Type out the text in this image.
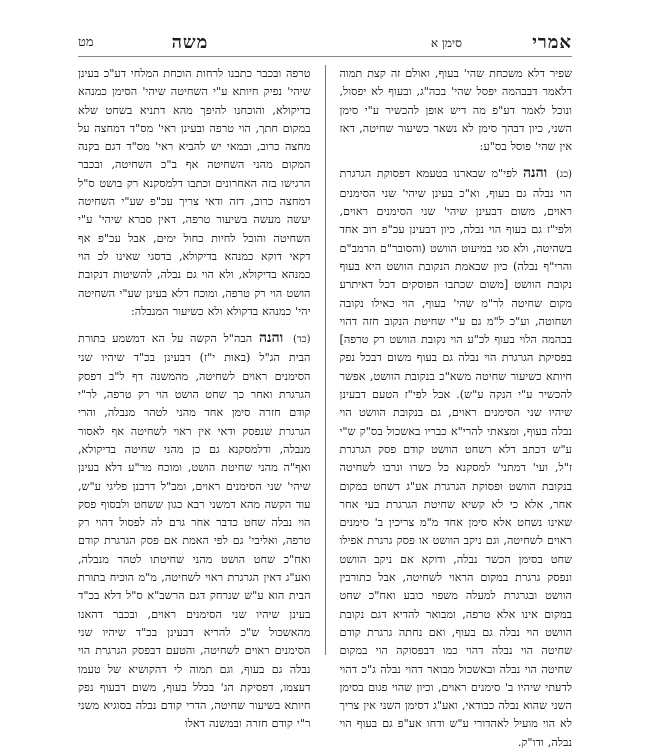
אמרי
סימן א
משה
מט

שפיר דלא משכחת שהי' בעוף, ואולם זה קצת תמוה דלאמר דבבהמה יפסל שהי' בכה"ג, ובעוף לא יפסול, ונוכל לאמר דע"פ מה דיש אופן להכשיר ע"י סימן השני, כיון דבהך סימן לא נשאר כשיעור שחיטה, דאז אין שהי' פוסל בס"ע:

(כג) והנה לפי"מ שבארנו בטעמא דפסוקת הגרגרת הוי נבלה גם בעוף, וא"כ בעינן שיהי' שני הסימנים ראוים, משום דבעינן שיהי' שני הסימנים ראוים, ולפי"ז גם בעוף הוי נבלה, כיון דבעינן עכ"פ רוב אחד בשהיטה, ולא סגי במיעוט הוושט (והסובר"ם הרמב"ם והרי"ף נבלה) כיון שבאמת הנקובת הוושט היא בעוף נקובת הוושט [משום שכתבו הפוסקים דכל דאיתרע מקום שחיטה לר"מ שהי' בעוף, הוי כאילו נקובה ושחוטה, וע"כ ל"מ גם ע"י שחיטת הנקוב חזה דהוי בבהמה הלוי בעוף לכ"ע הוי נקובת הוושט רק טרפה] בפסיקת הגרגרת הוי נבלה גם בעוף משום דבכל נפק חיותא כשיעור שחיטה משא"כ בנקובת הוושט, אפשר להכשיר ע"י הנקה ע"ש). אבל לפי"ז הטעם דבעינן שיהיו שני הסימנים ראוים, גם בנקובת הוושט הוי נבלה בעוף, ומצאתי להרי"א כבריו באשכול בס"ק ש"י ע"ש דכתב דלא רשחט הוושט קודם פסק הגרגרת ז"ל, ועי' דמתני' למסקנא כל כשרו ונרבו לשחיטה בנקובת הוושט ופסוקת הגרגרת אע"ג דשחט במקום אחר, אלא כי לא קשיא שחיטת הגרגרת בעי אחר שאינו נשחט אלא סימן אחד מ"מ צריכין ב' סימנים ראוים לשחיטה, וגם ניקב הוושט או פסק גרגרת אפילו שחט בסימן הכשר נבלה, ודוקא אם ניקב הוושט ונפסק גרגרת במקום הראוי לשחיטה, אבל כתורבין הוושט ובגרגרת למעלה משפוי כובע ואח"כ שחט במקום אינו אלא טרפה, ומבואר להדיא דגם נקובת הוושט הוי נבלה גם בעוף, ואם נחתה גרגרת קודם שחיטה הוי נבלה דהוי כמו דבפסוקה הוי במקום שחיטה הוי נבלה ובאשכול מבואר דהוי נבלה ג"כ דהוי לדעתי שיהיו ב' סימנים ראוים, וכיון שהוי פגום בסימן השני שהוא נבלה כבודאי, ואע"ג דסימן השני אין צריך לא הוי מועיל לאהדורי ע"ש ודחו אע"פ גם בעוף הוי נבלה, ודו"ק.

טרפה ובכבר כתבנו לרחות הוכחת המלחי דע"כ בעינן שיהי' נפיק חיותא ע"י השחיטה שיהי' הסימן כמנהא בדיקולא, והוכחנו להיפך מהא דתניא בשחט שלא במקום חתך, הוי טרפה ובעינן ראי' מס"ד דמחצה על מחצה כרוב, ובמאי יש להביא ראי' מס"ד דגם בקנה המקום מהני השחיטה אף ב"כ השחיטה, ובכבר הרגישו בזה האחרונים וכתבו דלמסקנא רק בושט ס"ל דמחצה כרוב, דזה ודאי צריך עכ"פ שע"י השחיטה יעשה מעשה בשיעור טרפה, דאין סברא שיהי' ע"י השחיטה והוכל לחיות כחול ימים, אבל עכ"פ אף דקאי דוקא כמנהא בדיקולא, בדסגי שאינו לכ הוי כמנהא בדיקולא, ולא הוי גם נבלה, להשיטות דנקובת הושט הוי רק טרפה, ומוכח דלא בעינן שע"י השחיטה יהי' כמנהא בדקולא ולא כשיעור המנבלה:

(כד) והנה הבה"ל הקשה על הא דמשמע בתורת הבית הג"ל (באות י"ז) דבעינן בכ"ד שיהיו שני הסימנים ראוים לשחיטה, מהמשנה דף ל"ב דפסק הגרגרת ואחר כך שחט הושט הוי רק טרפה, לר"י קודם חזרה סימן אחד מהני לטהר מנבלה, והרי הגרגרת שנפסק ודאי אין ראוי לשחיטה אף לאסור מנבלה, ודלמסקנא גם כן מהני שחיטה בדיקולא, ואף"ה מהני שחיטת הושט, ומוכח מר"ע דלא בעינן שיהי' שני הסימנים ראוים, ומב"ל דרבנן פליגי ע"ש, עוד הקשה מהא דמשני רבא כגון ששחט ולבסוף פסק הוי נבלה שחט כדבר אחר גרם לה לפסול דהוי רק טרפה, ואליבי' גם לפי האמת אם פסק הגרגרת קודם ואח"כ שחט הושט מהני שחיטתו לטהר מנבלה, ואע"ג דאין הגרגרת ראוי לשחיטה, מ"מ הוכיח בתורת הבית הוא ע"ש שנרחק דגם הרשב"א ס"ל דלא בכ"ד בעינן שיהיו שני הסימנים ראוים, ובכבר דהאנו מהאשכול ש"כ להריא דבעינן בכ"ד שיהיו שני הסימנים ראוים לשחיטה, והטעם דבפסק הגרגרת הוי נבלה גם בעוף, וגם תמוה לי דהקושיא של טעמו דעצמו, דפסיקת הג' בכלל בעוף, משום דבעוף נפק חיותא בשיעור שחיטה, הדרי קודם נבלה בסוגיא משני ר"י קודם חזרה ובמשנה דאלו
